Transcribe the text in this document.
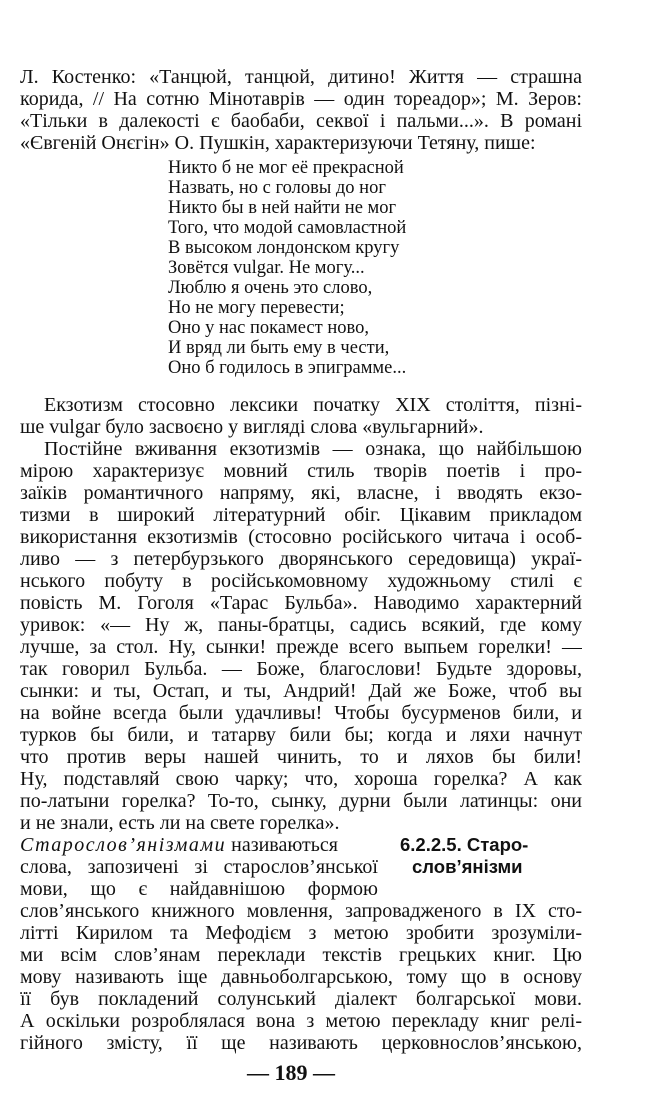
Л. Костенко: «Танцюй, танцюй, дитино! Життя — страшна
корида, // На сотню Мінотаврів — один тореадор»; М. Зеров:
«Тільки в далекості є баобаби, секвої і пальми...». В романі
«Євгеній Онєгін» О. Пушкін, характеризуючи Тетяну, пише:
Никто б не мог её прекрасной
Назвать, но с головы до ног
Никто бы в ней найти не мог
Того, что модой самовластной
В высоком лондонском кругу
Зовётся vulgar. Не могу...
Люблю я очень это слово,
Но не могу перевести;
Оно у нас покамест ново,
И вряд ли быть ему в чести,
Оно б годилось в эпиграмме...
Екзотизм стосовно лексики початку XIX століття, пізні-
ше vulgar було засвоєно у вигляді слова «вульгарний».
Постійне вживання екзотизмів — ознака, що найбільшою
мірою характеризує мовний стиль творів поетів і про-
заїків романтичного напряму, які, власне, і вводять екзо-
тизми в широкий літературний обіг. Цікавим прикладом
використання екзотизмів (стосовно російського читача і особ-
ливо — з петербурзького дворянського середовища) украї-
нського побуту в російськомовному художньому стилі є
повість М. Гоголя «Тарас Бульба». Наводимо характерний
уривок: «— Ну ж, паны-братцы, садись всякий, где кому
лучше, за стол. Ну, сынки! прежде всего выпьем горелки! —
так говорил Бульба. — Боже, благослови! Будьте здоровы,
сынки: и ты, Остап, и ты, Андрий! Дай же Боже, чтоб вы
на войне всегда были удачливы! Чтобы бусурменов били, и
турков бы били, и татарву били бы; когда и ляхи начнут
что против веры нашей чинить, то и ляхов бы били!
Ну, подставляй свою чарку; что, хороша горелка? А как
по-латыни горелка? То-то, сынку, дурни были латинцы: они
и не знали, есть ли на свете горелка».
6.2.2.5. Старо-
слов’янізми
Старослов’янізмами називаються
слова, запозичені зі старослов’янської
мови, що є найдавнішою формою
слов’янського книжного мовлення, запровадженого в IX сто-
літті Кирилом та Мефодієм з метою зробити зрозуміли-
ми всім слов’янам переклади текстів грецьких книг. Цю
мову називають іще давньоболгарською, тому що в основу
її був покладений солунський діалект болгарської мови.
А оскільки розроблялася вона з метою перекладу книг релі-
гійного змісту, її ще називають церковнослов’янською,
— 189 —
